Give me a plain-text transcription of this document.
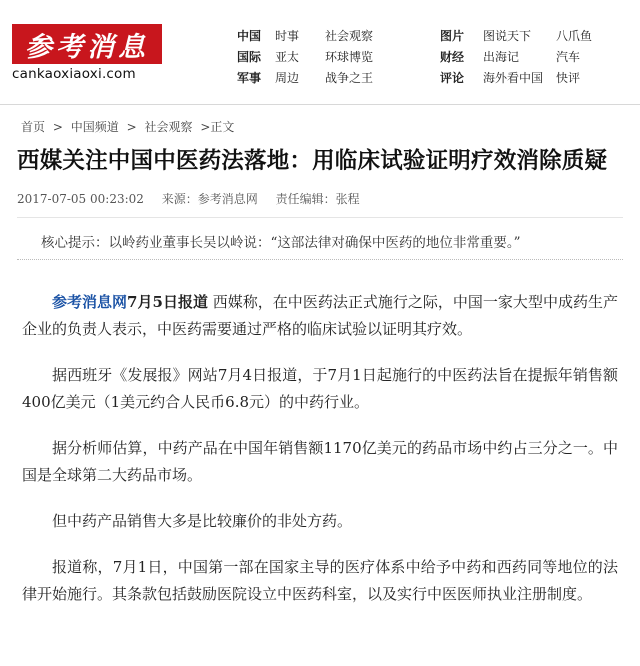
参考消息
cankaoxiaoxi.com
中国	时事	社会观察
国际	亚太	环球博览
军事	周边	战争之王
图片	图说天下	八爪鱼
财经	出海记	汽车
评论	海外看中国	快评
首页 > 中国频道 > 社会观察 >正文
西媒关注中国中医药法落地：用临床试验证明疗效消除质疑
2017-07-05 00:23:02 来源：参考消息网 责任编辑：张程
核心提示：以岭药业董事长吴以岭说：“这部法律对确保中医药的地位非常重要。”

参考消息网7月5日报道 西媒称，在中医药法正式施行之际，中国一家大型中成药生产企业的负责人表示，中医药需要通过严格的临床试验以证明其疗效。

据西班牙《发展报》网站7月4日报道，于7月1日起施行的中医药法旨在提振年销售额400亿美元（1美元约合人民币6.8元）的中药行业。

据分析师估算，中药产品在中国年销售额1170亿美元的药品市场中约占三分之一。中国是全球第二大药品市场。

但中药产品销售大多是比较廉价的非处方药。

报道称，7月1日，中国第一部在国家主导的医疗体系中给予中药和西药同等地位的法律开始施行。其条款包括鼓励医院设立中医药科室，以及实行中医医师执业注册制度。
